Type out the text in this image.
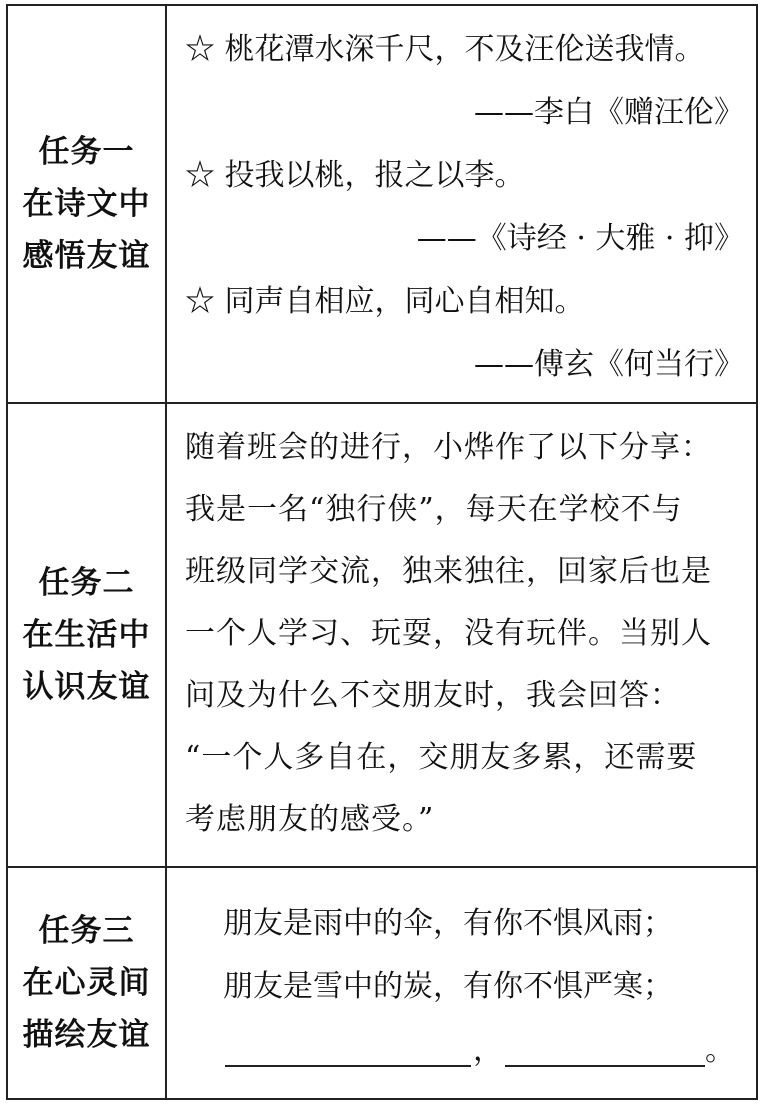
任务一
在诗文中
感悟友谊
☆ 桃花潭水深千尺，不及汪伦送我情。
——李白《赠汪伦》
☆ 投我以桃，报之以李。
——《诗经 · 大雅 · 抑》
☆ 同声自相应，同心自相知。
——傅玄《何当行》
任务二
在生活中
认识友谊
随着班会的进行，小烨作了以下分享：
我是一名“独行侠”，每天在学校不与
班级同学交流，独来独往，回家后也是
一个人学习、玩耍，没有玩伴。当别人
问及为什么不交朋友时，我会回答：
“一个人多自在，交朋友多累，还需要
考虑朋友的感受。”
任务三
在心灵间
描绘友谊
朋友是雨中的伞，有你不惧风雨；
朋友是雪中的炭，有你不惧严寒；
，	。
